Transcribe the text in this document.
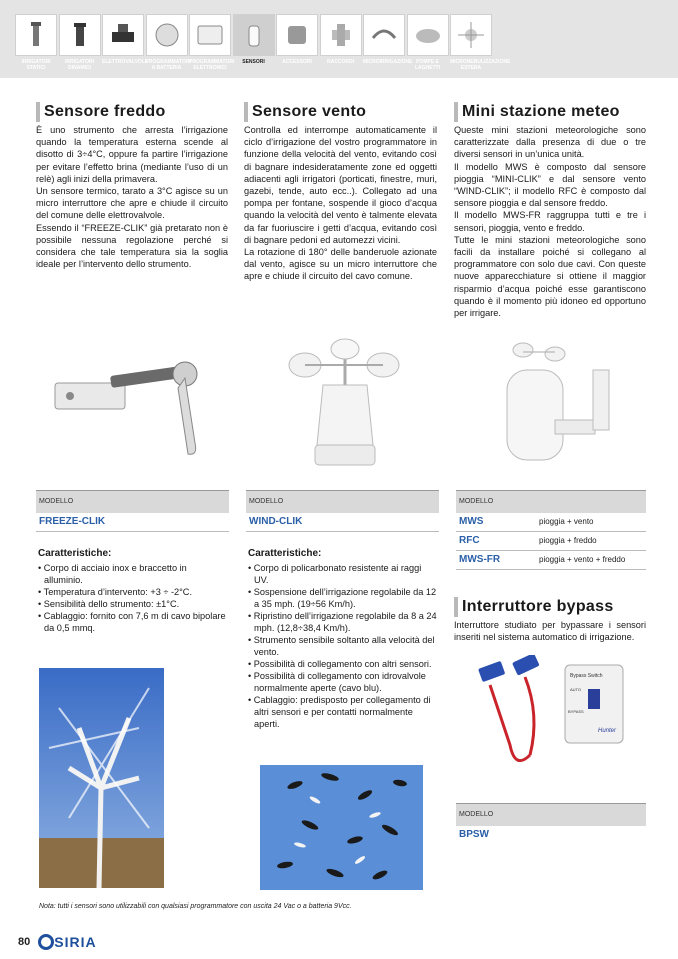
IRRIGATORI STATICI
IRRIGATORI DINAMICI
ELETTROVALVOLE
PROGRAMMATORI A BATTERIA
PROGRAMMATORI ELETTRONICI
SENSORI	ACCESSORI	RACCORDI	MICROIRRIGAZIONE POMPE E LAGHETTI
MICRONEBULIZZAZIONE ESTERA
Sensore freddo

È uno strumento che arresta l’irrigazione quando la temperatura esterna scende al disotto di 3÷4°C, oppure fa partire l’irrigazione per evitare l’effetto brina (mediante l’uso di un relè) agli inizi della primavera.

Un sensore termico, tarato a 3°C agisce su un micro interruttore che apre e chiude il circuito del comune delle elettrovalvole.

Essendo il “FREEZE-CLIK” già pretarato non è possibile nessuna regolazione perché si considera che tale temperatura sia la soglia ideale per l’intervento dello strumento.

Sensore vento

Controlla ed interrompe automaticamente il ciclo d’irrigazione del vostro programmatore in funzione della velocità del vento, evitando così di bagnare indesideratamente zone ed oggetti adiacenti agli irrigatori (porticati, finestre, muri, gazebi, tende, auto ecc..). Collegato ad una pompa per fontane, sospende il gioco d’acqua quando la velocità del vento è talmente elevata da far fuoriuscire i getti d’acqua, evitando così di bagnare pedoni ed automezzi vicini.

La rotazione di 180° delle banderuole azionate dal vento, agisce su un micro interruttore che apre e chiude il circuito del cavo comune.

Mini stazione meteo

Queste mini stazioni meteorologiche sono caratterizzate dalla presenza di due o tre diversi sensori in un’unica unità.

Il modello MWS è composto dal sensore pioggia “MINI-CLIK” e dal sensore vento “WIND-CLIK”; il modello RFC è composto dal sensore pioggia e dal sensore freddo.

Il modello MWS-FR raggruppa tutti e tre i sensori, pioggia, vento e freddo.

Tutte le mini stazioni meteorologiche sono facili da installare poiché si collegano al programmatore con solo due cavi. Con queste nuove apparecchiature si ottiene il maggior risparmio d’acqua poiché esse garantiscono quando è il momento più idoneo ed opportuno per irrigare.

MODELLO
FREEZE-CLIK
MODELLO
WIND-CLIK
MODELLO
MWS	pioggia + vento
RFC	pioggia + freddo
MWS-FR	pioggia + vento + freddo
Caratteristiche:
• Corpo di acciaio inox e braccetto in alluminio.
• Temperatura d’intervento: +3 ÷ -2°C.
• Sensibilità dello strumento: ±1°C.
• Cablaggio: fornito con 7,6 m di cavo bipolare da 0,5 mmq.
Caratteristiche:
• Corpo di policarbonato resistente ai raggi UV.
• Sospensione dell’irrigazione regolabile da 12 a 35 mph. (19÷56 Km/h).
• Ripristino dell’irrigazione regolabile da 8 a 24 mph. (12,8÷38,4 Km/h).
• Strumento sensibile soltanto alla velocità del vento.
• Possibilità di collegamento con altri sensori.
• Possibilità di collegamento con idrovalvole normalmente aperte (cavo blu).
• Cablaggio: predisposto per collegamento di altri sensori e per contatti normalmente aperti.
Interruttore bypass
Interruttore studiato per bypassare i sensori inseriti nel sistema automatico di irrigazione.
Bypass Switch
AUTO
BYPASS
Hunter
MODELLO
BPSW
Nota: tutti i sensori sono utilizzabili con qualsiasi programmatore con uscita 24 Vac o a batteria 9Vcc.
80 SIRIA
